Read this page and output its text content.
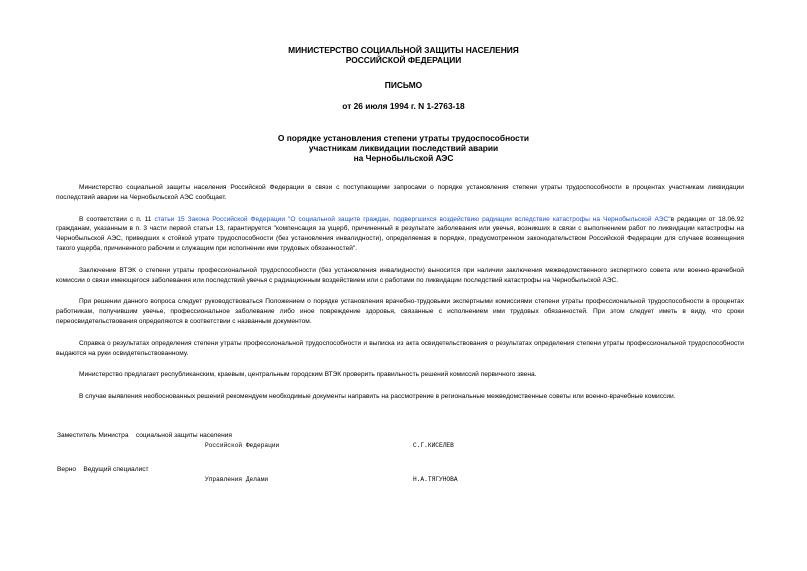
МИНИСТЕРСТВО СОЦИАЛЬНОЙ ЗАЩИТЫ НАСЕЛЕНИЯ
РОССИЙСКОЙ ФЕДЕРАЦИИ
ПИСЬМО
от 26 июля 1994 г. N 1-2763-18
О порядке установления степени утраты трудоспособности
участникам ликвидации последствий аварии
на Чернобыльской АЭС

Министерство социальной защиты населения Российской Федерации в связи с поступающими запросами о порядке установления степени утраты трудоспособности в процентах участникам ликвидации последствий аварии на Чернобыльской АЭС сообщает.

В соответствии с п. 11 статьи 15 Закона Российской Федерации "О социальной защите граждан, подвергшихся воздействию радиации вследствие катастрофы на Чернобыльской АЭС"в редакции от 18.06.92 гражданам, указанным в п. 3 части первой статьи 13, гарантируется "компенсация за ущерб, причиненный в результате заболевания или увечья, возникших в связи с выполнением работ по ликвидации катастрофы на Чернобыльской АЭС, приведших к стойкой утрате трудоспособности (без установления инвалидности), определяемая в порядке, предусмотренном законодательством Российской Федерации для случаев возмещения такого ущерба, причиненного рабочим и служащим при исполнении ими трудовых обязанностей".

Заключение ВТЭК о степени утраты профессиональной трудоспособности (без установления инвалидности) выносится при наличии заключения межведомственного экспертного совета или военно-врачебной комиссии о связи имеющегося заболевания или последствий увечья с радиационным воздействием или с работами по ликвидации последствий катастрофы на Чернобыльской АЭС.

При решении данного вопроса следует руководствоваться Положением о порядке установления врачебно-трудовыми экспертными комиссиями степени утраты профессиональной трудоспособности в процентах работникам, получившим увечье, профессиональное заболевание либо иное повреждение здоровья, связанные с исполнением ими трудовых обязанностей. При этом следует иметь в виду, что сроки переосвидетельствования определяются в соответствии с названным документом.

Справка о результатах определения степени утраты профессиональной трудоспособности и выписка из акта освидетельствования о результатах определения степени утраты профессиональной трудоспособности выдаются на руки освидетельствованному.

Министерство предлагает республиканским, краевым, центральным городским ВТЭК проверить правильность решений комиссий первичного звена.

В случае выявления необоснованных решений рекомендуем необходимые документы направить на рассмотрение в региональные межведомственные советы или военно-врачебные комиссии.

Заместитель Министра    социальной защиты населения
Российской Федерации	С.Г.КИСЕЛЕВ
Верно    Ведущий специалист
Управления Делами	Н.А.ТЯГУНОВА
